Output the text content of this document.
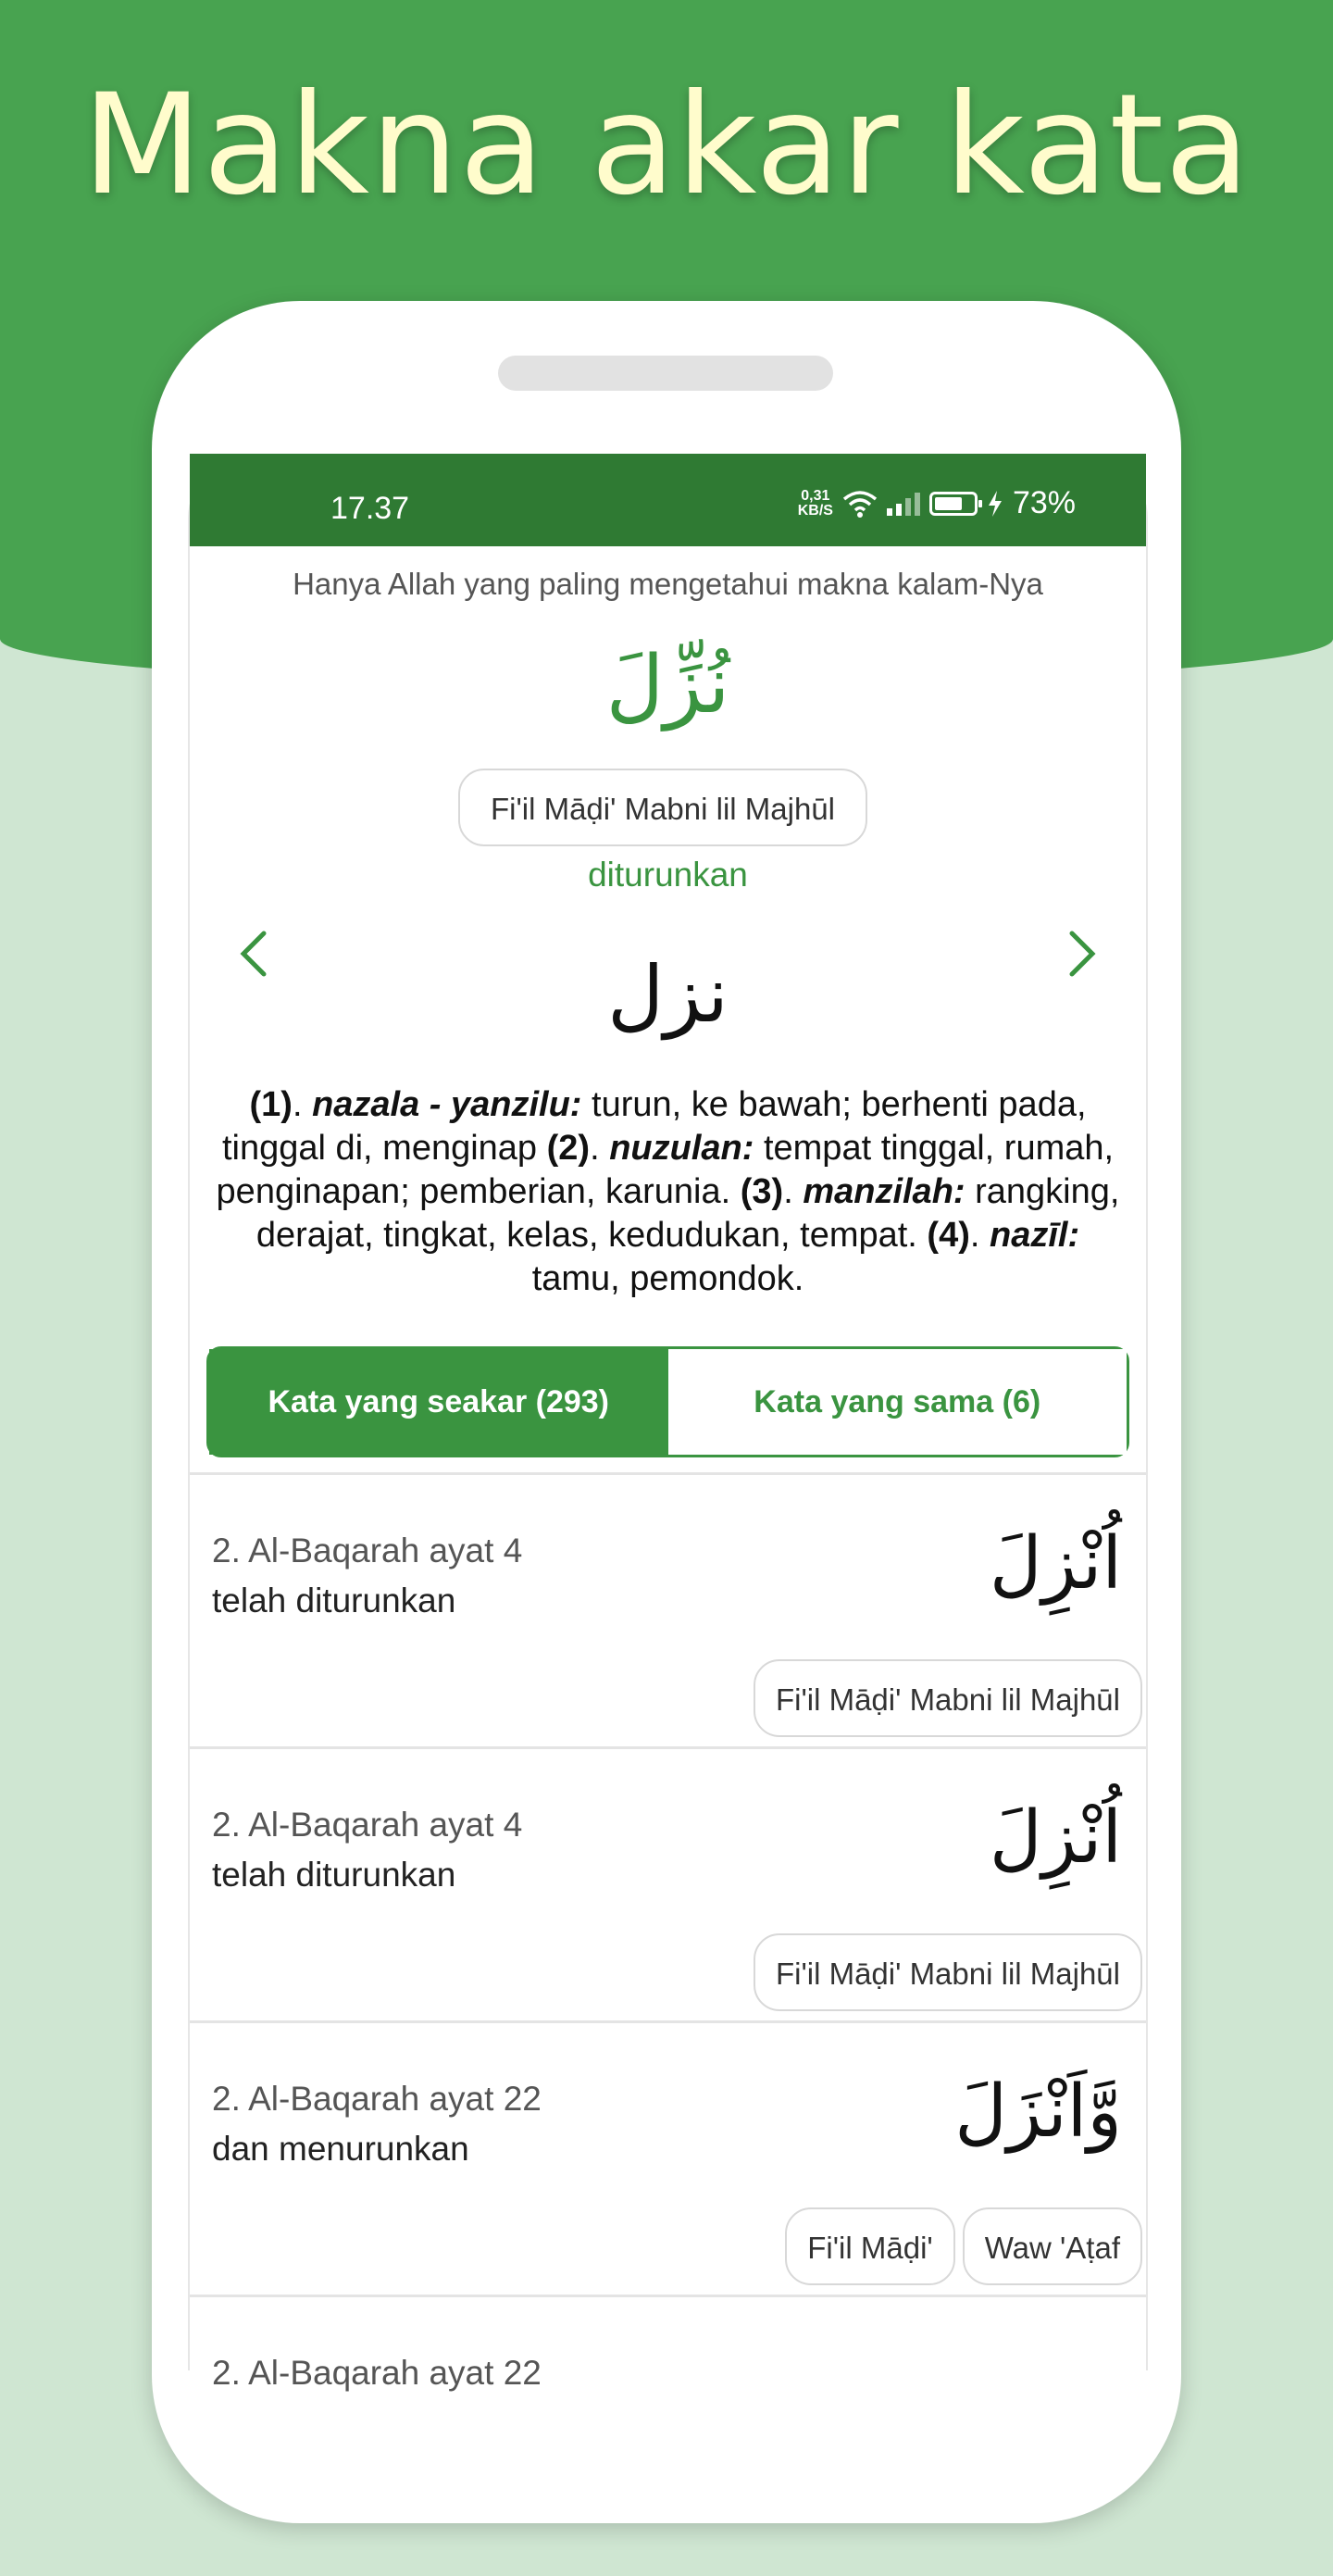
Makna akar kata
17.37	0,31
KB/S	73%
Hanya Allah yang paling mengetahui makna kalam-Nya
نُزِّلَ
Fi'il Māḍi' Mabni lil Majhūl
diturunkan
نزل
(1). nazala - yanzilu: turun, ke bawah; berhenti pada, tinggal di, menginap (2). nuzulan: tempat tinggal, rumah, penginapan; pemberian, karunia. (3). manzilah: rangking, derajat, tingkat, kelas, kedudukan, tempat. (4). nazīl: tamu, pemondok.
Kata yang seakar (293)	Kata yang sama (6)
2. Al-Baqarah ayat 4
telah diturunkan	اُنْزِلَ
Fi'il Māḍi' Mabni lil Majhūl
2. Al-Baqarah ayat 4
telah diturunkan	اُنْزِلَ
Fi'il Māḍi' Mabni lil Majhūl
2. Al-Baqarah ayat 22
dan menurunkan	وَّاَنْزَلَ
Fi'il Māḍi'	Waw 'Aṭaf
2. Al-Baqarah ayat 22
